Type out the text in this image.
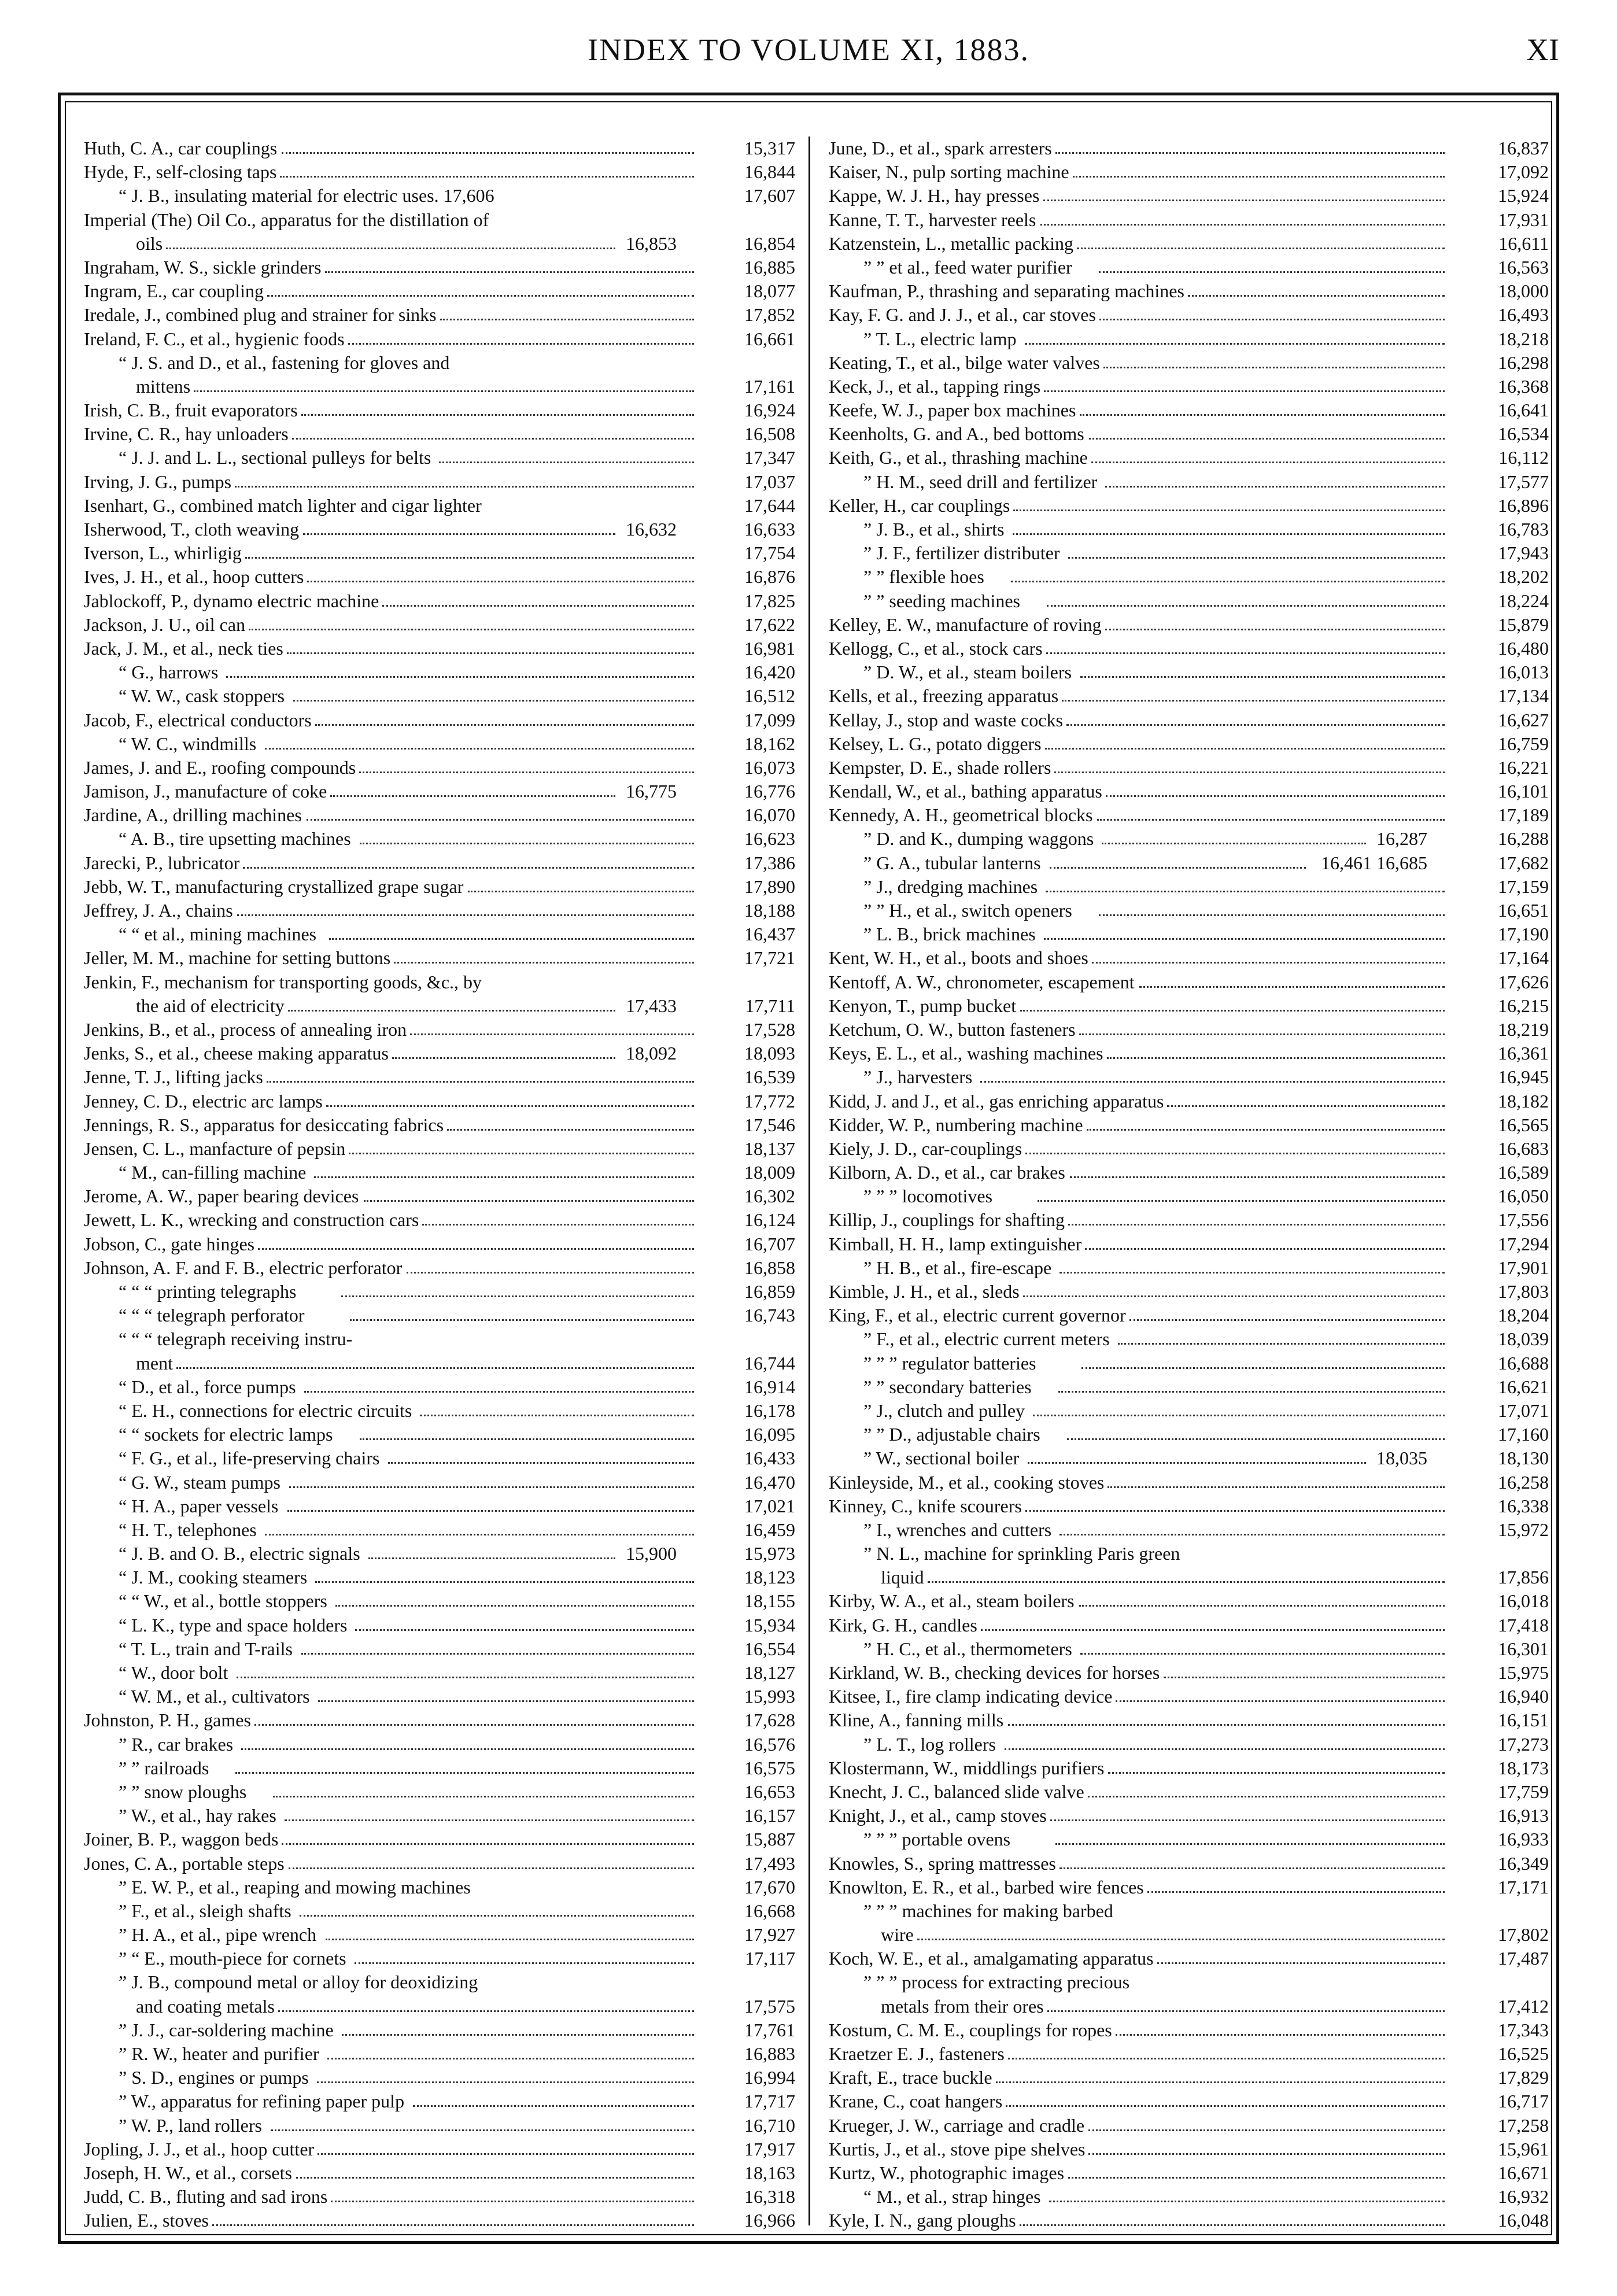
INDEX TO VOLUME XI, 1883.	XI
Huth, C. A., car couplings	15,317
Hyde, F., self-closing taps	16,844
“ J. B., insulating material for electric uses. 17,606	17,607
Imperial (The) Oil Co., apparatus for the distillation of
oils	16,853	16,854
Ingraham, W. S., sickle grinders	16,885
Ingram, E., car coupling	18,077
Iredale, J., combined plug and strainer for sinks	17,852
Ireland, F. C., et al., hygienic foods	16,661
“ J. S. and D., et al., fastening for gloves and
mittens	17,161
Irish, C. B., fruit evaporators	16,924
Irvine, C. R., hay unloaders	16,508
“ J. J. and L. L., sectional pulleys for belts	17,347
Irving, J. G., pumps	17,037
Isenhart, G., combined match lighter and cigar lighter	17,644
Isherwood, T., cloth weaving	16,632	16,633
Iverson, L., whirligig	17,754
Ives, J. H., et al., hoop cutters	16,876
Jablockoff, P., dynamo electric machine	17,825
Jackson, J. U., oil can	17,622
Jack, J. M., et al., neck ties	16,981
“ G., harrows	16,420
“ W. W., cask stoppers	16,512
Jacob, F., electrical conductors	17,099
“ W. C., windmills	18,162
James, J. and E., roofing compounds	16,073
Jamison, J., manufacture of coke	16,775	16,776
Jardine, A., drilling machines	16,070
“ A. B., tire upsetting machines	16,623
Jarecki, P., lubricator	17,386
Jebb, W. T., manufacturing crystallized grape sugar	17,890
Jeffrey, J. A., chains	18,188
“ “ et al., mining machines	16,437
Jeller, M. M., machine for setting buttons	17,721
Jenkin, F., mechanism for transporting goods, &c., by
the aid of electricity	17,433	17,711
Jenkins, B., et al., process of annealing iron	17,528
Jenks, S., et al., cheese making apparatus	18,092	18,093
Jenne, T. J., lifting jacks	16,539
Jenney, C. D., electric arc lamps	17,772
Jennings, R. S., apparatus for desiccating fabrics	17,546
Jensen, C. L., manfacture of pepsin	18,137
“ M., can-filling machine	18,009
Jerome, A. W., paper bearing devices	16,302
Jewett, L. K., wrecking and construction cars	16,124
Jobson, C., gate hinges	16,707
Johnson, A. F. and F. B., electric perforator	16,858
“ “ “ printing telegraphs	16,859
“ “ “ telegraph perforator	16,743
“ “ “ telegraph receiving instru-
ment	16,744
“ D., et al., force pumps	16,914
“ E. H., connections for electric circuits	16,178
“ “ sockets for electric lamps	16,095
“ F. G., et al., life-preserving chairs	16,433
“ G. W., steam pumps	16,470
“ H. A., paper vessels	17,021
“ H. T., telephones	16,459
“ J. B. and O. B., electric signals	15,900	15,973
“ J. M., cooking steamers	18,123
“ “ W., et al., bottle stoppers	18,155
“ L. K., type and space holders	15,934
“ T. L., train and T-rails	16,554
“ W., door bolt	18,127
“ W. M., et al., cultivators	15,993
Johnston, P. H., games	17,628
” R., car brakes	16,576
” ” railroads	16,575
” ” snow ploughs	16,653
” W., et al., hay rakes	16,157
Joiner, B. P., waggon beds	15,887
Jones, C. A., portable steps	17,493
” E. W. P., et al., reaping and mowing machines	17,670
” F., et al., sleigh shafts	16,668
” H. A., et al., pipe wrench	17,927
” “ E., mouth-piece for cornets	17,117
” J. B., compound metal or alloy for deoxidizing
and coating metals	17,575
” J. J., car-soldering machine	17,761
” R. W., heater and purifier	16,883
” S. D., engines or pumps	16,994
” W., apparatus for refining paper pulp	17,717
” W. P., land rollers	16,710
Jopling, J. J., et al., hoop cutter	17,917
Joseph, H. W., et al., corsets	18,163
Judd, C. B., fluting and sad irons	16,318
Julien, E., stoves	16,966
June, D., et al., spark arresters	16,837
Kaiser, N., pulp sorting machine	17,092
Kappe, W. J. H., hay presses	15,924
Kanne, T. T., harvester reels	17,931
Katzenstein, L., metallic packing	16,611
” ” et al., feed water purifier	16,563
Kaufman, P., thrashing and separating machines	18,000
Kay, F. G. and J. J., et al., car stoves	16,493
” T. L., electric lamp	18,218
Keating, T., et al., bilge water valves	16,298
Keck, J., et al., tapping rings	16,368
Keefe, W. J., paper box machines	16,641
Keenholts, G. and A., bed bottoms	16,534
Keith, G., et al., thrashing machine	16,112
” H. M., seed drill and fertilizer	17,577
Keller, H., car couplings	16,896
” J. B., et al., shirts	16,783
” J. F., fertilizer distributer	17,943
” ” flexible hoes	18,202
” ” seeding machines	18,224
Kelley, E. W., manufacture of roving	15,879
Kellogg, C., et al., stock cars	16,480
” D. W., et al., steam boilers	16,013
Kells, et al., freezing apparatus	17,134
Kellay, J., stop and waste cocks	16,627
Kelsey, L. G., potato diggers	16,759
Kempster, D. E., shade rollers	16,221
Kendall, W., et al., bathing apparatus	16,101
Kennedy, A. H., geometrical blocks	17,189
” D. and K., dumping waggons	16,287	16,288
” G. A., tubular lanterns	16,461 16,685	17,682
” J., dredging machines	17,159
” ” H., et al., switch openers	16,651
” L. B., brick machines	17,190
Kent, W. H., et al., boots and shoes	17,164
Kentoff, A. W., chronometer, escapement	17,626
Kenyon, T., pump bucket	16,215
Ketchum, O. W., button fasteners	18,219
Keys, E. L., et al., washing machines	16,361
” J., harvesters	16,945
Kidd, J. and J., et al., gas enriching apparatus	18,182
Kidder, W. P., numbering machine	16,565
Kiely, J. D., car-couplings	16,683
Kilborn, A. D., et al., car brakes	16,589
” ” ” locomotives	16,050
Killip, J., couplings for shafting	17,556
Kimball, H. H., lamp extinguisher	17,294
” H. B., et al., fire-escape	17,901
Kimble, J. H., et al., sleds	17,803
King, F., et al., electric current governor	18,204
” F., et al., electric current meters	18,039
” ” ” regulator batteries	16,688
” ” secondary batteries	16,621
” J., clutch and pulley	17,071
” ” D., adjustable chairs	17,160
” W., sectional boiler	18,035	18,130
Kinleyside, M., et al., cooking stoves	16,258
Kinney, C., knife scourers	16,338
” I., wrenches and cutters	15,972
” N. L., machine for sprinkling Paris green
liquid	17,856
Kirby, W. A., et al., steam boilers	16,018
Kirk, G. H., candles	17,418
” H. C., et al., thermometers	16,301
Kirkland, W. B., checking devices for horses	15,975
Kitsee, I., fire clamp indicating device	16,940
Kline, A., fanning mills	16,151
” L. T., log rollers	17,273
Klostermann, W., middlings purifiers	18,173
Knecht, J. C., balanced slide valve	17,759
Knight, J., et al., camp stoves	16,913
” ” ” portable ovens	16,933
Knowles, S., spring mattresses	16,349
Knowlton, E. R., et al., barbed wire fences	17,171
” ” ” machines for making barbed
wire	17,802
Koch, W. E., et al., amalgamating apparatus	17,487
” ” ” process for extracting precious
metals from their ores	17,412
Kostum, C. M. E., couplings for ropes	17,343
Kraetzer E. J., fasteners	16,525
Kraft, E., trace buckle	17,829
Krane, C., coat hangers	16,717
Krueger, J. W., carriage and cradle	17,258
Kurtis, J., et al., stove pipe shelves	15,961
Kurtz, W., photographic images	16,671
“ M., et al., strap hinges	16,932
Kyle, I. N., gang ploughs	16,048
